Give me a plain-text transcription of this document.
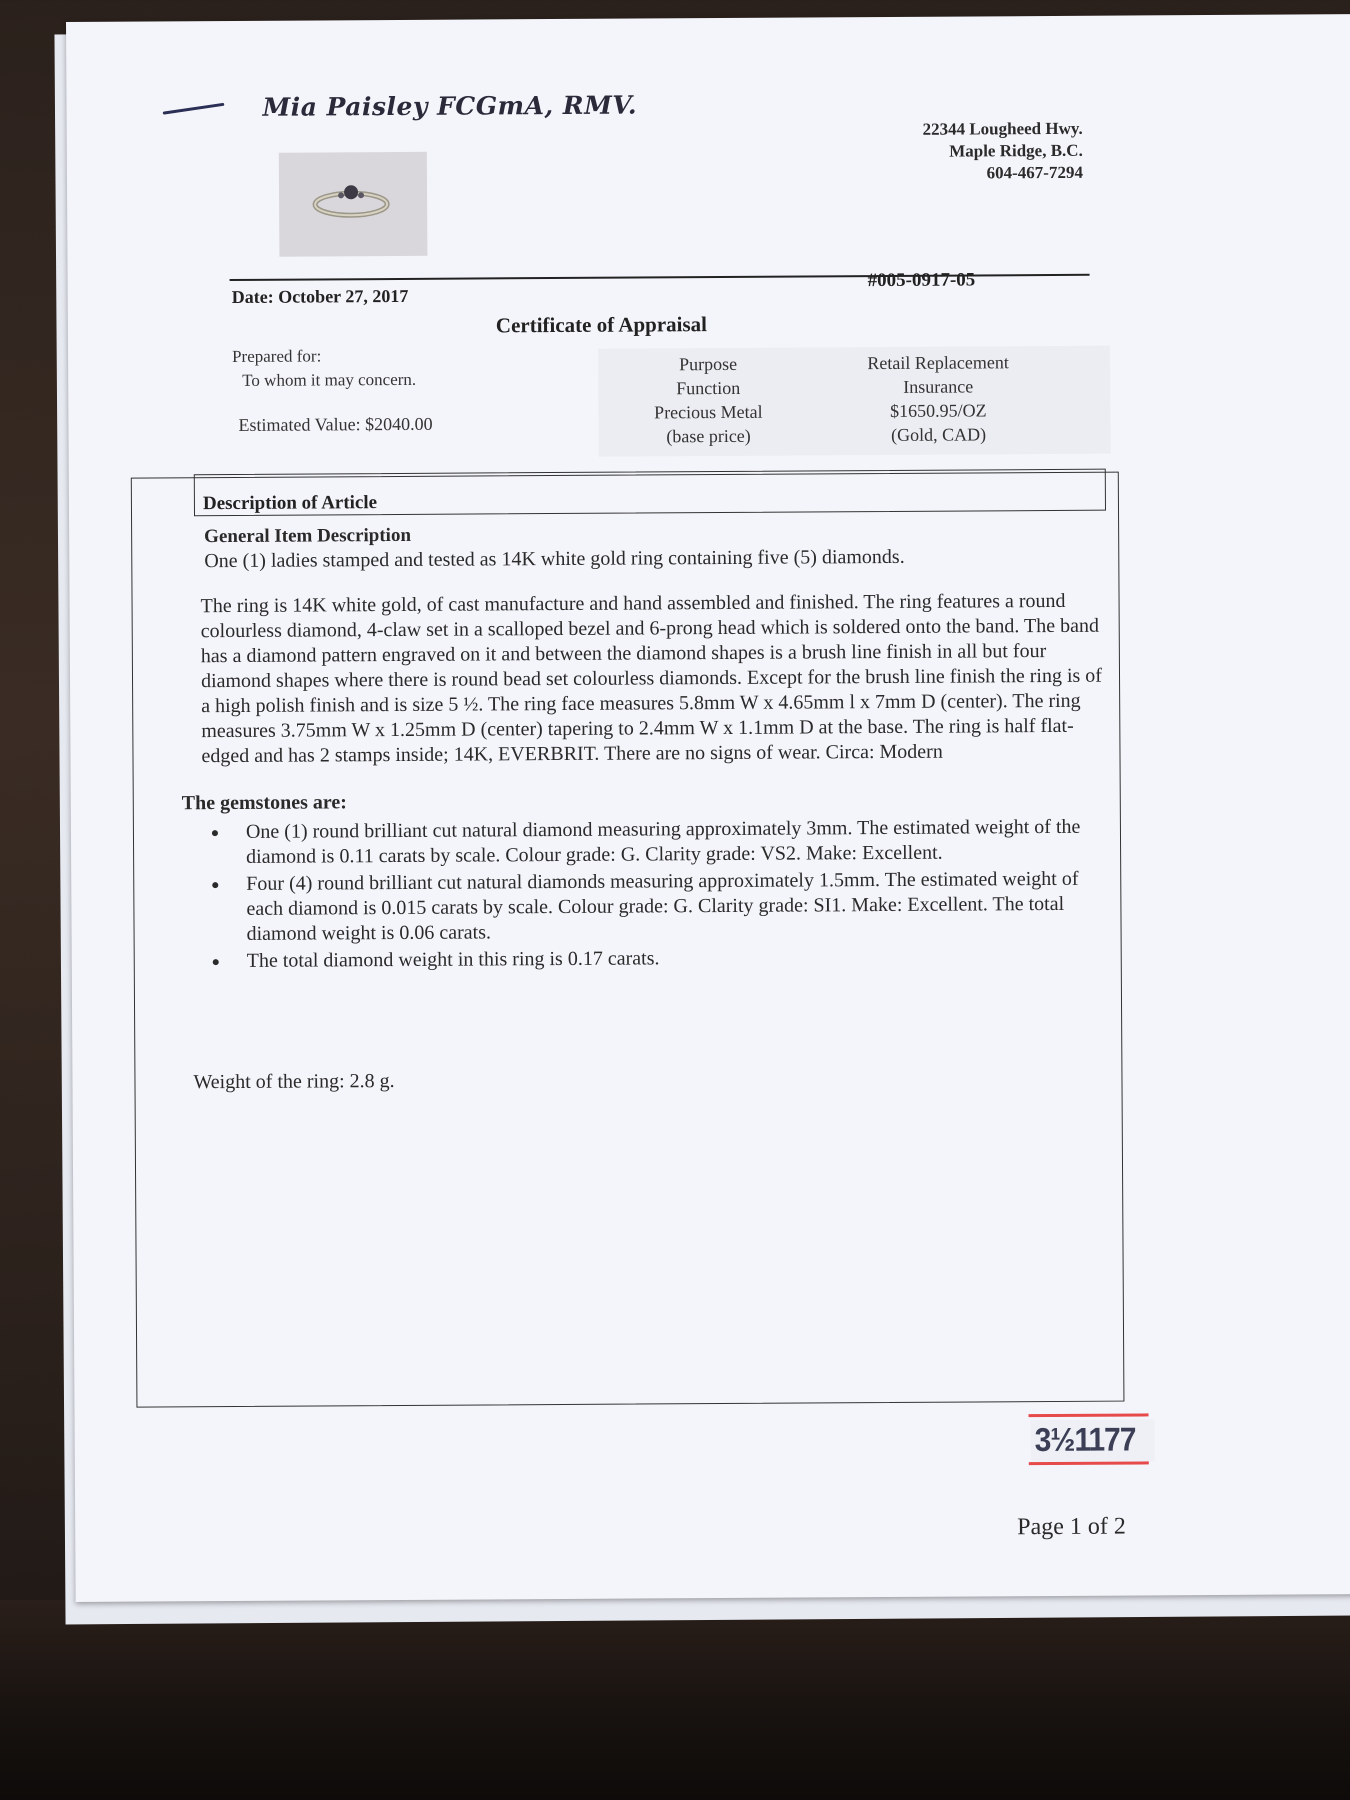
Mia Paisley FCGmA, RMV.
22344 Lougheed Hwy.
Maple Ridge, B.C.
604-467-7294
Date: October 27, 2017
#005-0917-05
Certificate of Appraisal
Prepared for:
To whom it may concern.
Estimated Value: $2040.00
Purpose
Function
Precious Metal
(base price)
Retail Replacement
Insurance
$1650.95/OZ
(Gold, CAD)
Description of Article
General Item Description
One (1) ladies stamped and tested as 14K white gold ring containing five (5) diamonds.
The ring is 14K white gold, of cast manufacture and hand assembled and finished. The ring features a round colourless diamond, 4-claw set in a scalloped bezel and 6-prong head which is soldered onto the band. The band has a diamond pattern engraved on it and between the diamond shapes is a brush line finish in all but four diamond shapes where there is round bead set colourless diamonds. Except for the brush line finish the ring is of a high polish finish and is size 5 ½. The ring face measures 5.8mm W x 4.65mm l x 7mm D (center). The ring measures 3.75mm W x 1.25mm D (center) tapering to 2.4mm W x 1.1mm D at the base. The ring is half flat-edged and has 2 stamps inside; 14K, EVERBRIT. There are no signs of wear. Circa: Modern
The gemstones are:
• One (1) round brilliant cut natural diamond measuring approximately 3mm. The estimated weight of the diamond is 0.11 carats by scale. Colour grade: G. Clarity grade: VS2. Make: Excellent.
• Four (4) round brilliant cut natural diamonds measuring approximately 1.5mm. The estimated weight of each diamond is 0.015 carats by scale. Colour grade: G. Clarity grade: SI1. Make: Excellent. The total diamond weight is 0.06 carats.
• The total diamond weight in this ring is 0.17 carats.
Weight of the ring: 2.8 g.
3½1177
Page 1 of 2
